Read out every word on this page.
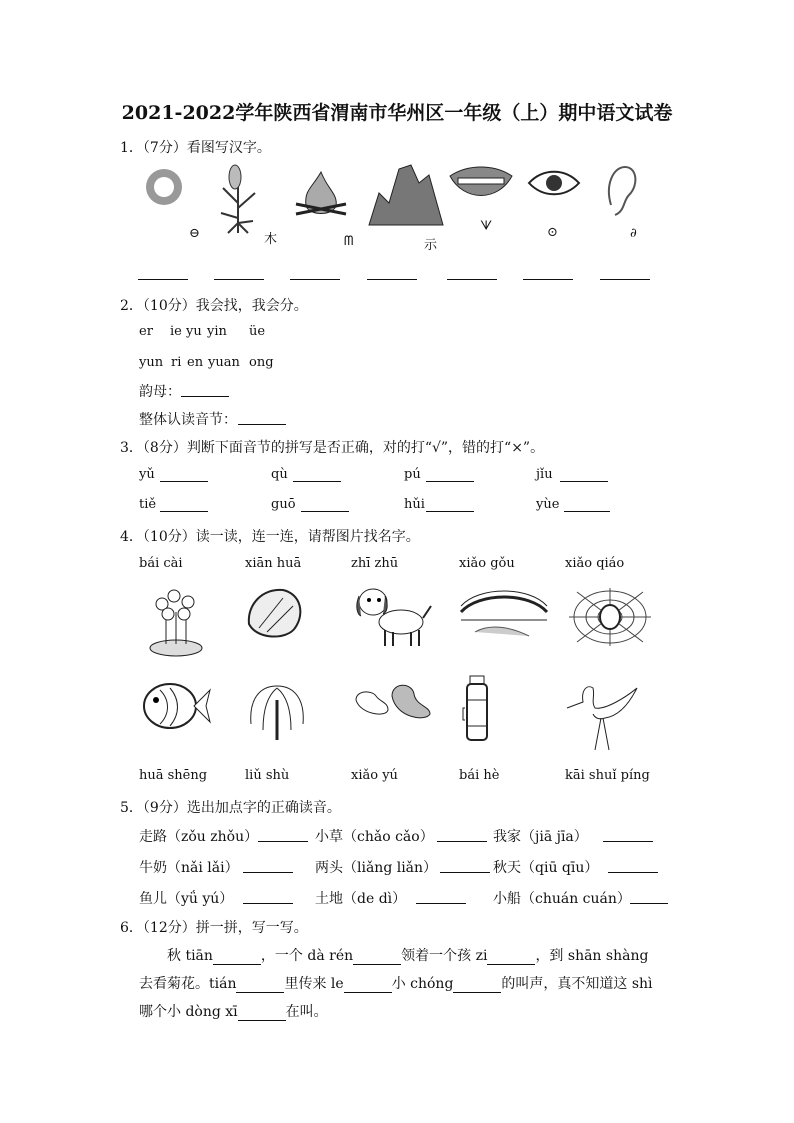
2021-2022学年陕西省渭南市华州区一年级（上）期中语文试卷
1．（7分）看图写汉字。
⊖	⽊	ᗰ	⽰
ᗐ	⊙	∂
2．（10分）我会找，我会分。
er ie yu yin üe
yun ri en yuan ong
韵母：
整体认读音节：
3．（8分）判断下面音节的拼写是否正确，对的打“√”，错的打“×”。
yǔ	qù	pú	jǐu
tiě	guō	hǔi	yùe
4．（10分）读一读，连一连，请帮图片找名字。
bái cài	xiān huā	zhī zhū	xiǎo gǒu	xiǎo qiáo
huā shēng	liǔ shù	xiǎo yú	bái hè	kāi shuǐ píng
5．（9分）选出加点字的正确读音。
走路（zǒu zhǒu）	小草（chǎo cǎo）	我家（jiā jīa）
牛奶（nǎi lǎi）	两头（liǎng liǎn）	秋天（qiū qīu）
鱼儿（yǘ yú）	土地（de dì）	小船（chuán cuán）
6．（12分）拼一拼，写一写。
秋 tiān	，一个 dà rén	领着一个孩 zi	，到 shān shàng
去看菊花。tián	里传来 le	小 chóng	的叫声，真不知道这 shì
哪个小 dòng xī	在叫。
